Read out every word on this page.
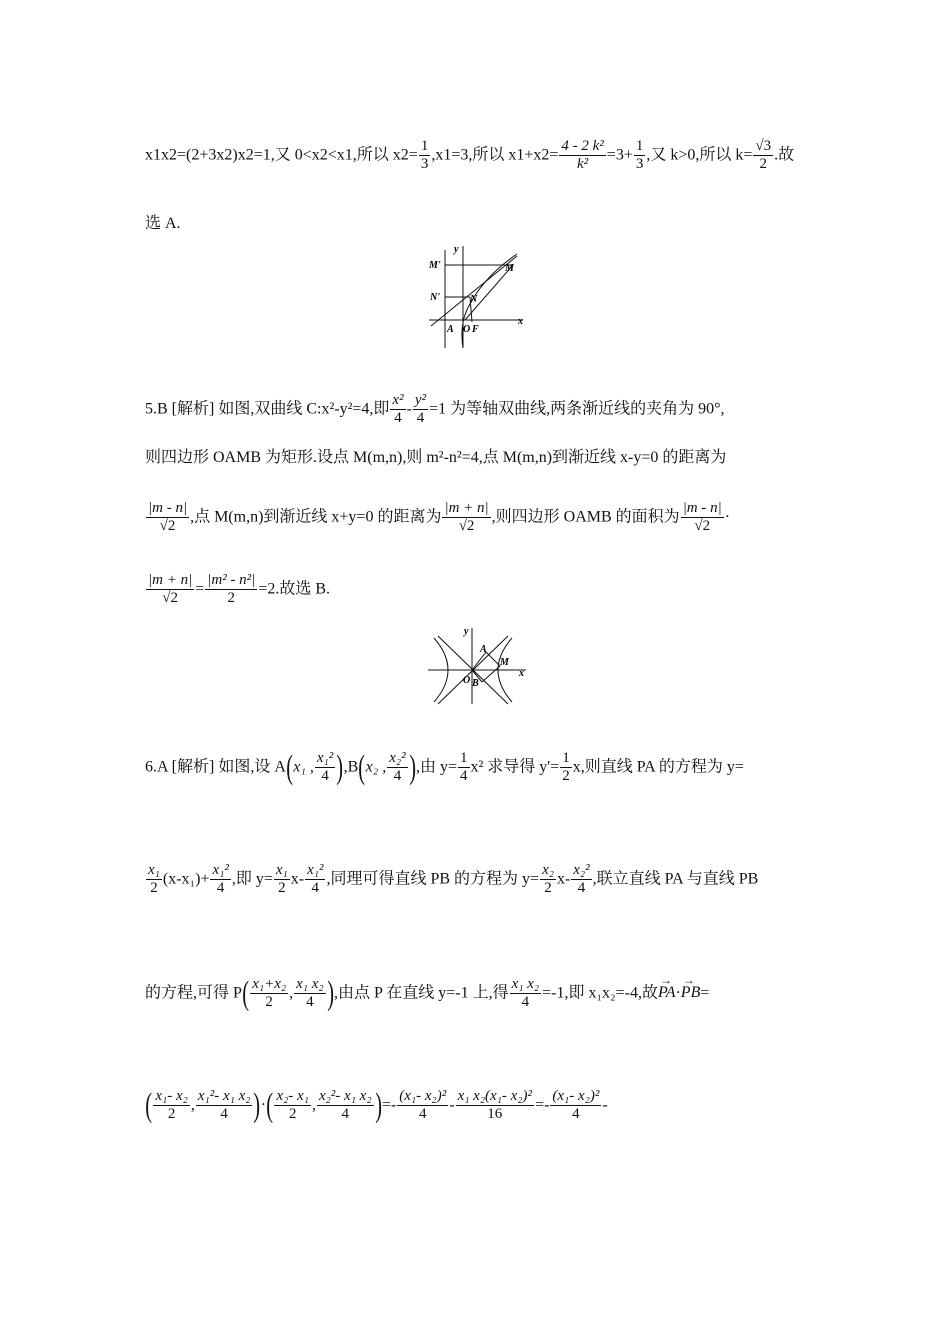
x1x2=(2+3x2)x2=1,又 0<x2<x1,所以 $x2= \frac{1}{3} ,x1=3$,所以 $x1+x2= \frac{\text{4 - 2 k²}}{\text{k²}} =3+ \frac{1}{3}$ ,又 k>0,所以 $k= \frac{√3}{2}$ .故
选 A.
M'	M
N'	N
A O F
y
x
5.B [解析] 如图,双曲线 C:x²-y²=4,即 $\frac{\text{x²}}{4} - \frac{\text{y²}}{4} =1$ 为等轴双曲线,两条渐近线的夹角为 90°,
则四边形 OAMB 为矩形.设点 M(m,n),则 m²-n²=4,点 M(m,n)到渐近线 x-y=0 的距离为
$\frac{|m - n|}{√2}$ ,点 M(m,n)到渐近线 x+y=0 的距离为 $\frac{|m + n|}{√2}$ ,则四边形 OAMB 的面积为 $\frac{|m - n|}{√2}$ ·
$\frac{|m + n|}{√2} = \frac{\text{|m² - n²|}}{2} =2$.故选 B.
y
x
A
M
O B
6.A [解析] 如图,设 A(x₁ , $\frac{\text{x₁²}}{4} ),B(x_2$ , $\frac{\text{x₂²}}{4}$ ),由 $y= \frac{1}{4} x^2$ 求导得 $y'= \frac{1}{2} x$,则直线 PA 的方程为 y=
$\frac{\text{x₁}}{2} (x-x_1)+ \frac{\text{x₁²}}{4}$ ,即 $y= \frac{\text{x₁}}{2} x- \frac{\text{x₁²}}{4}$ ,同理可得直线 PB 的方程为 $y= \frac{\text{x₂}}{2} x- \frac{\text{x₂²}}{4}$ ,联立直线 PA 与直线 PB
的方程,可得 $P( \frac{\text{x₁+x₂}}{2}$ , $\frac{\text{x₁ x₂}}{4}$ ),由点 P 在直线 y=-1 上,得 $\frac{\text{x₁ x₂}}{4} =-1$,即 x₁x₂=-4,故→ PA·→ PB=
( $\frac{\text{x₁- x₂}}{2}$ , $\frac{\text{x₁²- x₁ x₂}}{4}$ )·( $\frac{\text{x₂- x₁}}{2}$ , $\frac{\text{x₂²- x₁ x₂}}{4}$ )=- $\frac{\text{(x₁- x₂)²}}{4} - \frac{\text{x₁ x₂(x₁- x₂)²}}{16} =- \frac{\text{(x₁- x₂)²}}{4}$ -
